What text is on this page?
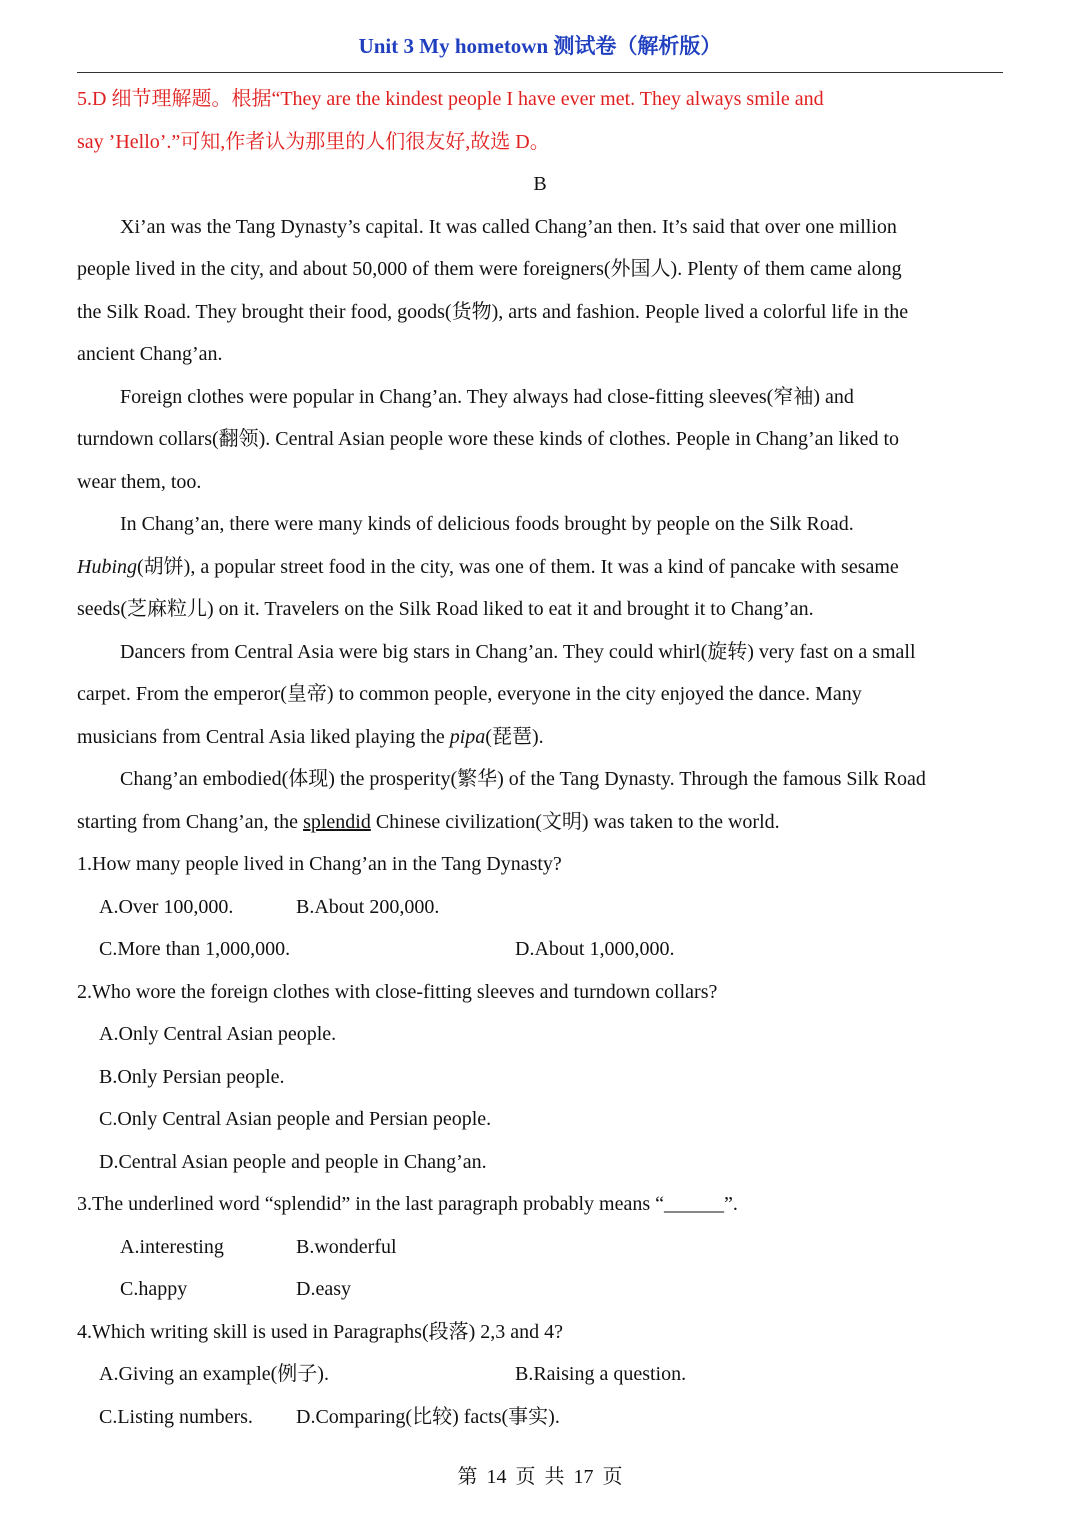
Unit 3 My hometown 测试卷（解析版）
5.D 细节理解题。根据“They are the kindest people I have ever met. They always smile and
say ’Hello’.”可知,作者认为那里的人们很友好,故选 D。
B
Xi’an was the Tang Dynasty’s capital. It was called Chang’an then. It’s said that over one million
people lived in the city, and about 50,000 of them were foreigners(外国人). Plenty of them came along
the Silk Road. They brought their food, goods(货物), arts and fashion. People lived a colorful life in the
ancient Chang’an.
Foreign clothes were popular in Chang’an. They always had close-fitting sleeves(窄袖) and
turndown collars(翻领). Central Asian people wore these kinds of clothes. People in Chang’an liked to
wear them, too.
In Chang’an, there were many kinds of delicious foods brought by people on the Silk Road.
Hubing(胡饼), a popular street food in the city, was one of them. It was a kind of pancake with sesame
seeds(芝麻粒儿) on it. Travelers on the Silk Road liked to eat it and brought it to Chang’an.
Dancers from Central Asia were big stars in Chang’an. They could whirl(旋转) very fast on a small
carpet. From the emperor(皇帝) to common people, everyone in the city enjoyed the dance. Many
musicians from Central Asia liked playing the pipa(琵琶).
Chang’an embodied(体现) the prosperity(繁华) of the Tang Dynasty. Through the famous Silk Road
starting from Chang’an, the splendid Chinese civilization(文明) was taken to the world.
1.How many people lived in Chang’an in the Tang Dynasty?
A.Over 100,000.	B.About 200,000.
C.More than 1,000,000.	D.About 1,000,000.
2.Who wore the foreign clothes with close-fitting sleeves and turndown collars?
A.Only Central Asian people.
B.Only Persian people.
C.Only Central Asian people and Persian people.
D.Central Asian people and people in Chang’an.
3.The underlined word “splendid” in the last paragraph probably means “______”.
A.interesting	B.wonderful
C.happy	D.easy
4.Which writing skill is used in Paragraphs(段落) 2,3 and 4?
A.Giving an example(例子).	B.Raising a question.
C.Listing numbers. D.Comparing(比较) facts(事实).
第 14 页 共 17 页
